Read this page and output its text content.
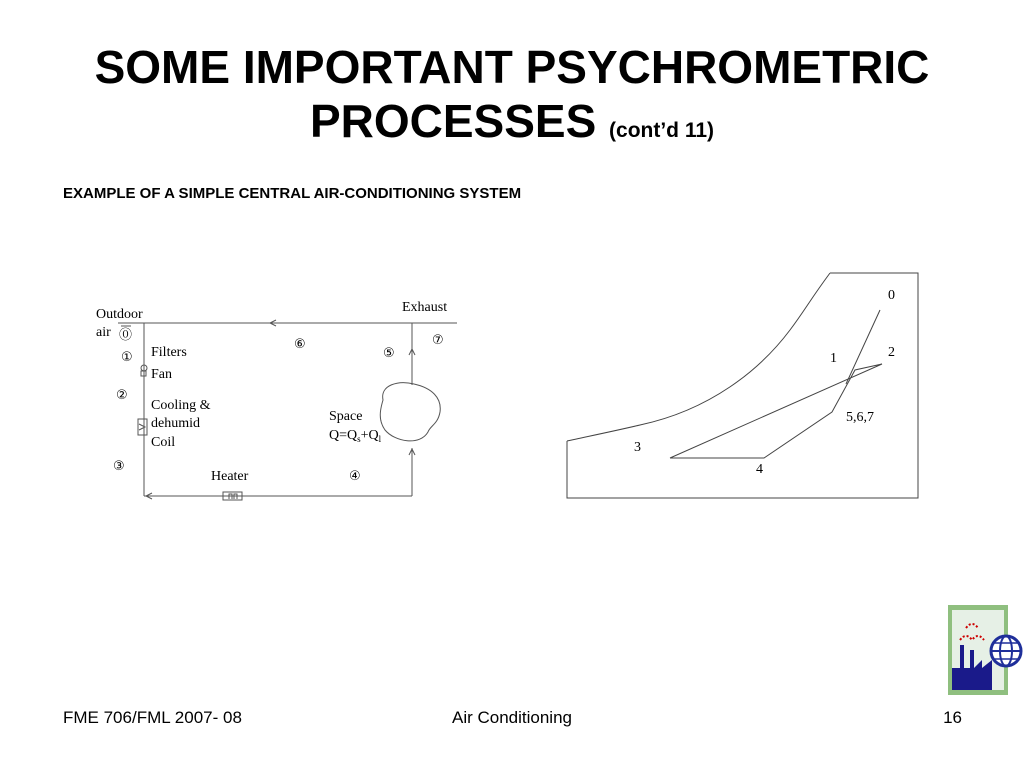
SOME IMPORTANT PSYCHROMETRIC
PROCESSES (cont’d 11)
EXAMPLE OF A SIMPLE CENTRAL AIR-CONDITIONING SYSTEM
Outdoor
air
Exhaust
Filters
Fan
Cooling &
dehumid
Coil
Heater
Space
$Q=Q_s+Q_l$
⓪
①
②
③
④
⑤
⑥	⑦
0
1	2
3
4
5,6,7
FME 706/FML 2007- 08	Air Conditioning	16
